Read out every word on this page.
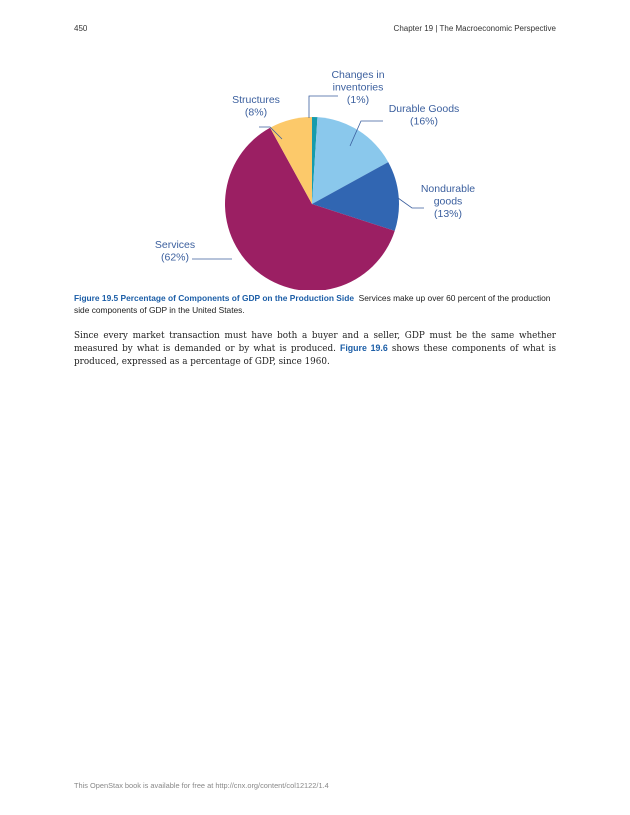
450	Chapter 19 | The Macroeconomic Perspective
Changes in inventories (1%)
Durable Goods (16%)
Nondurable goods (13%)
Services (62%)
Structures (8%)
Figure 19.5 Percentage of Components of GDP on the Production Side Services make up over 60 percent of the production side components of GDP in the United States.

Since every market transaction must have both a buyer and a seller, GDP must be the same whether measured by what is demanded or by what is produced. Figure 19.6 shows these components of what is produced, expressed as a percentage of GDP, since 1960.

This OpenStax book is available for free at http://cnx.org/content/col12122/1.4
